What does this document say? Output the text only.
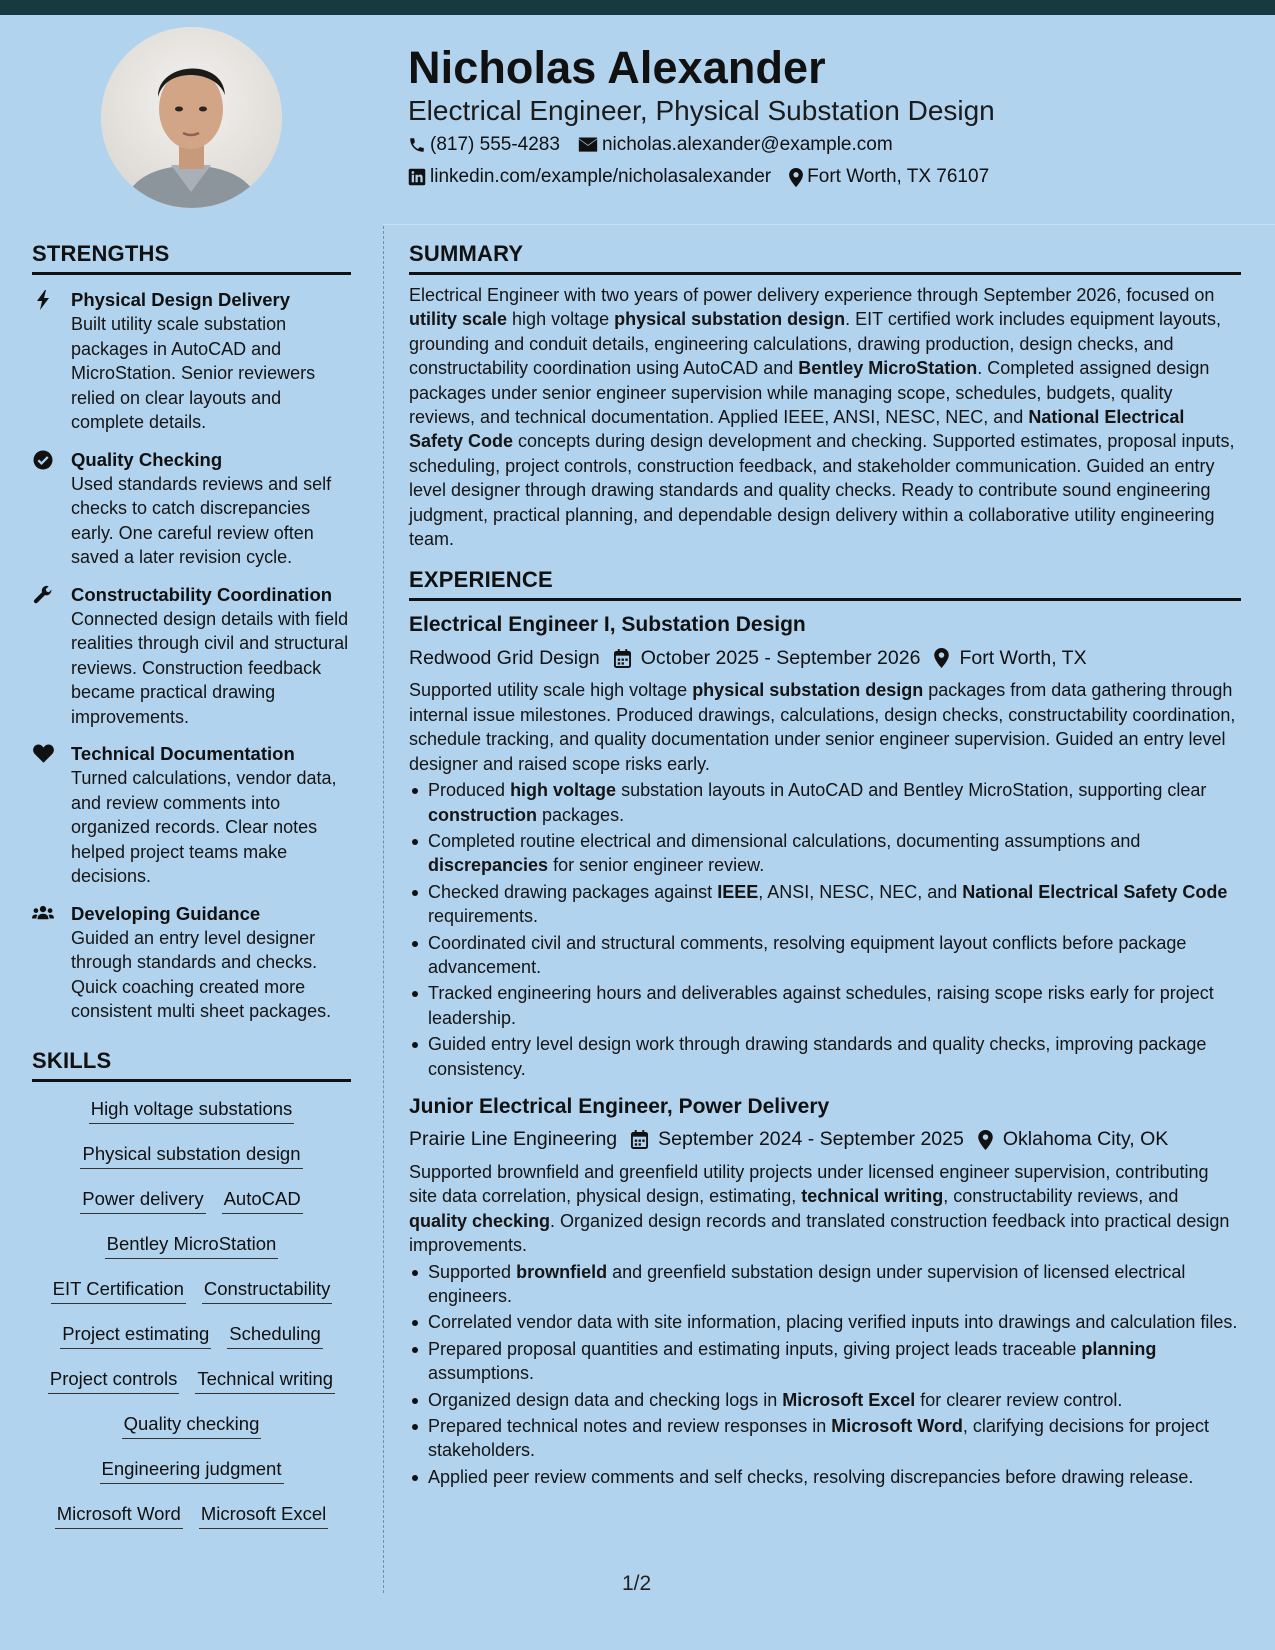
Nicholas Alexander
Electrical Engineer, Physical Substation Design
(817) 555-4283 nicholas.alexander@example.com
linkedin.com/example/nicholasalexander Fort Worth, TX 76107
STRENGTHS
Physical Design Delivery
Built utility scale substation packages in AutoCAD and MicroStation. Senior reviewers relied on clear layouts and complete details.
Quality Checking
Used standards reviews and self checks to catch discrepancies early. One careful review often saved a later revision cycle.
Constructability Coordination
Connected design details with field realities through civil and structural reviews. Construction feedback became practical drawing improvements.
Technical Documentation
Turned calculations, vendor data, and review comments into organized records. Clear notes helped project teams make decisions.
Developing Guidance
Guided an entry level designer through standards and checks. Quick coaching created more consistent multi sheet packages.
SKILLS
High voltage substations
Physical substation design
Power delivery AutoCAD
Bentley MicroStation
EIT Certification Constructability
Project estimating Scheduling
Project controls Technical writing
Quality checking
Engineering judgment
Microsoft Word Microsoft Excel
SUMMARY
Electrical Engineer with two years of power delivery experience through September 2026, focused on utility scale high voltage physical substation design. EIT certified work includes equipment layouts, grounding and conduit details, engineering calculations, drawing production, design checks, and constructability coordination using AutoCAD and Bentley MicroStation. Completed assigned design packages under senior engineer supervision while managing scope, schedules, budgets, quality reviews, and technical documentation. Applied IEEE, ANSI, NESC, NEC, and National Electrical Safety Code concepts during design development and checking. Supported estimates, proposal inputs, scheduling, project controls, construction feedback, and stakeholder communication. Guided an entry level designer through drawing standards and quality checks. Ready to contribute sound engineering judgment, practical planning, and dependable design delivery within a collaborative utility engineering team.
EXPERIENCE
Electrical Engineer I, Substation Design
Redwood Grid Design October 2025 - September 2026 Fort Worth, TX
Supported utility scale high voltage physical substation design packages from data gathering through internal issue milestones. Produced drawings, calculations, design checks, constructability coordination, schedule tracking, and quality documentation under senior engineer supervision. Guided an entry level designer and raised scope risks early.
Produced high voltage substation layouts in AutoCAD and Bentley MicroStation, supporting clear construction packages.
Completed routine electrical and dimensional calculations, documenting assumptions and discrepancies for senior engineer review.
Checked drawing packages against IEEE, ANSI, NESC, NEC, and National Electrical Safety Code requirements.
Coordinated civil and structural comments, resolving equipment layout conflicts before package advancement.
Tracked engineering hours and deliverables against schedules, raising scope risks early for project leadership.
Guided entry level design work through drawing standards and quality checks, improving package consistency.
Junior Electrical Engineer, Power Delivery
Prairie Line Engineering September 2024 - September 2025 Oklahoma City, OK
Supported brownfield and greenfield utility projects under licensed engineer supervision, contributing site data correlation, physical design, estimating, technical writing, constructability reviews, and quality checking. Organized design records and translated construction feedback into practical design improvements.
Supported brownfield and greenfield substation design under supervision of licensed electrical engineers.
Correlated vendor data with site information, placing verified inputs into drawings and calculation files.
Prepared proposal quantities and estimating inputs, giving project leads traceable planning assumptions.
Organized design data and checking logs in Microsoft Excel for clearer review control.
Prepared technical notes and review responses in Microsoft Word, clarifying decisions for project stakeholders.
Applied peer review comments and self checks, resolving discrepancies before drawing release.
1/2
